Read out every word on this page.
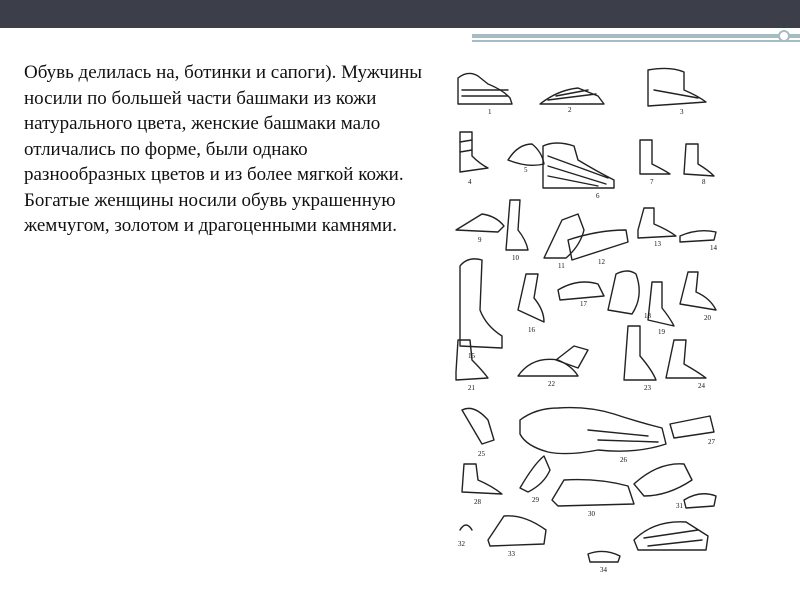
Обувь делилась на, ботинки и сапоги). Мужчины носили по большей части башмаки из кожи натурального цвета, женские башмаки мало отличались по форме, были однако разнообразных цветов и из более мягкой кожи. Богатые женщины носили обувь украшенную жемчугом, золотом и драгоценными камнями.

1	2	3
4
5
6
7	8
9
10
11	12
13	14
15
16
17
18
19
20
21	22	23	24
25
26
27
28	29
30
31
32
33
34
